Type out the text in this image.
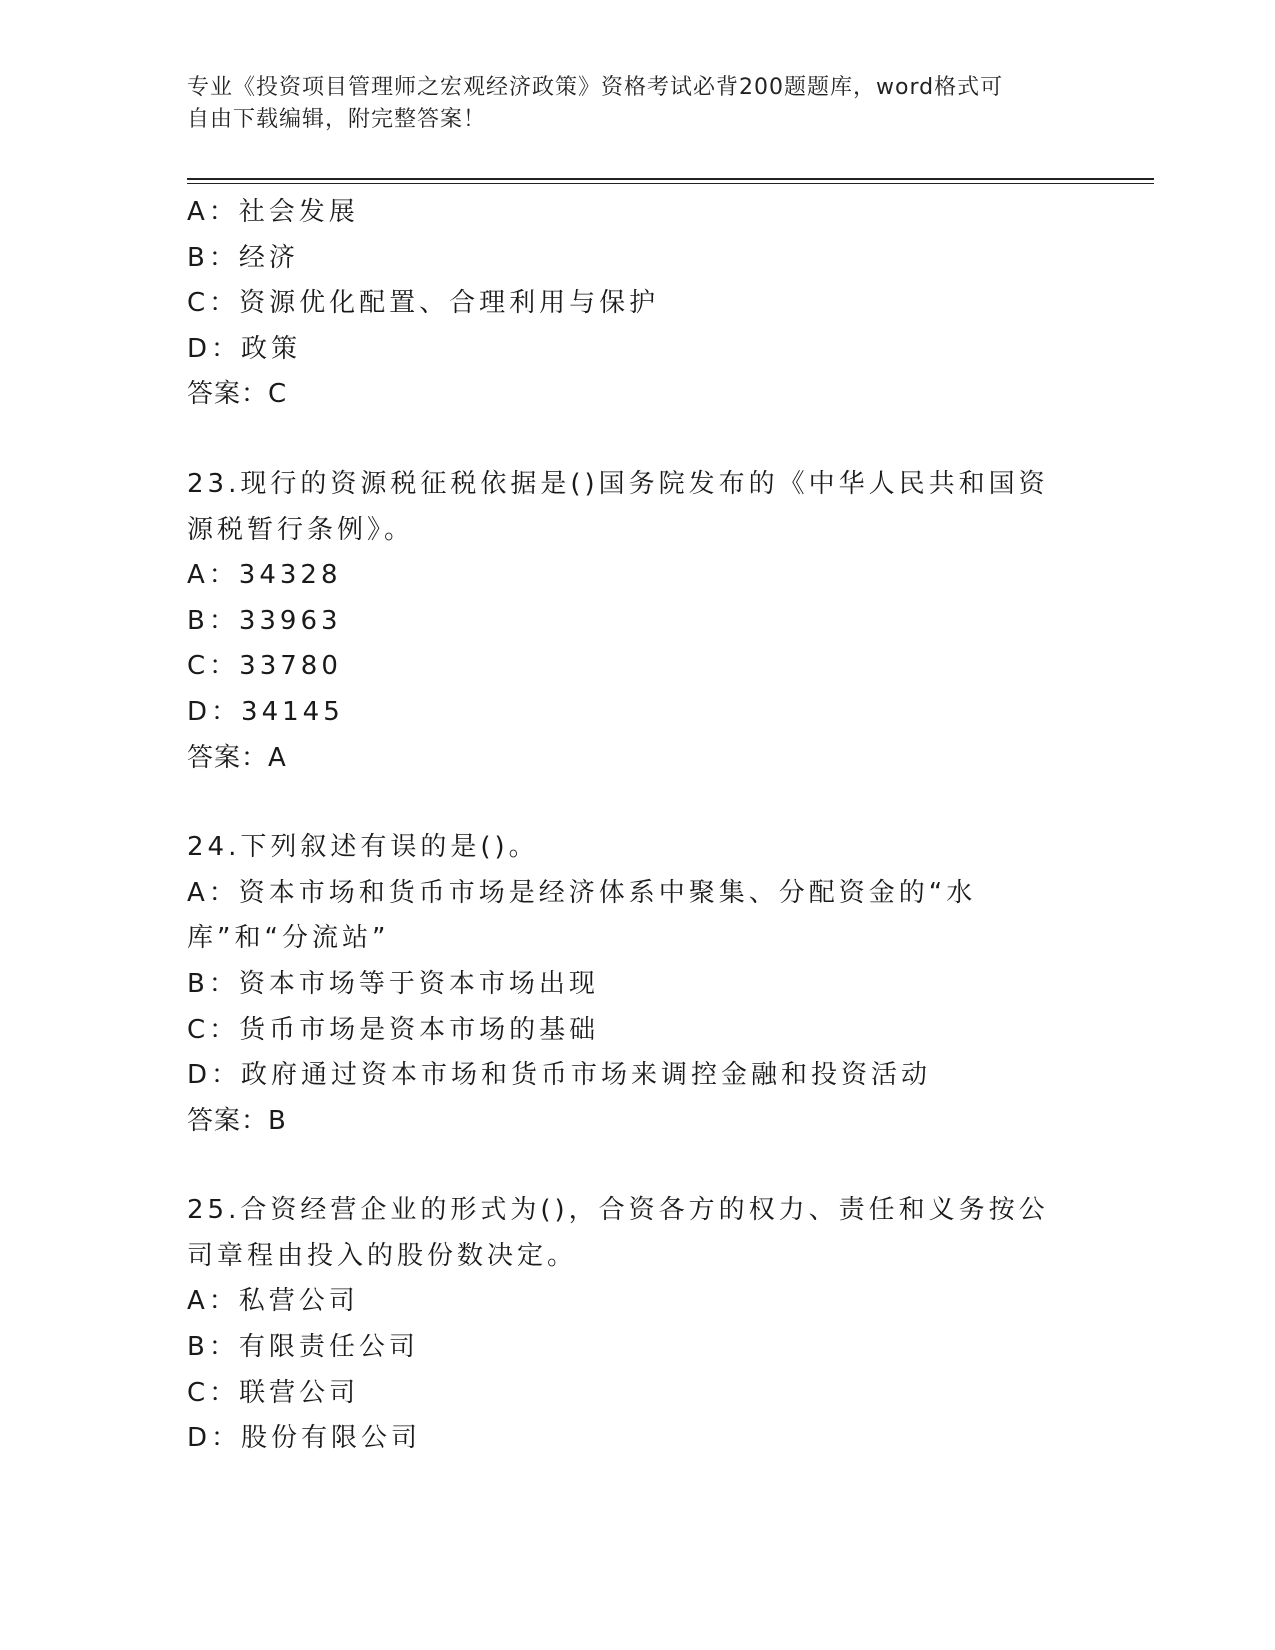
专业《投资项目管理师之宏观经济政策》资格考试必背200题题库，word格式可

自由下载编辑，附完整答案！

A：社会发展

B：经济

C：资源优化配置、合理利用与保护

D：政策

答案：C

23.现行的资源税征税依据是()国务院发布的《中华人民共和国资源税暂行条例》。

A：34328

B：33963

C：33780

D：34145

答案：A

24.下列叙述有误的是()。

A：资本市场和货币市场是经济体系中聚集、分配资金的“水库”和“分流站”

B：资本市场等于资本市场出现

C：货币市场是资本市场的基础

D：政府通过资本市场和货币市场来调控金融和投资活动

答案：B

25.合资经营企业的形式为()，合资各方的权力、责任和义务按公司章程由投入的股份数决定。

A：私营公司

B：有限责任公司

C：联营公司

D：股份有限公司
